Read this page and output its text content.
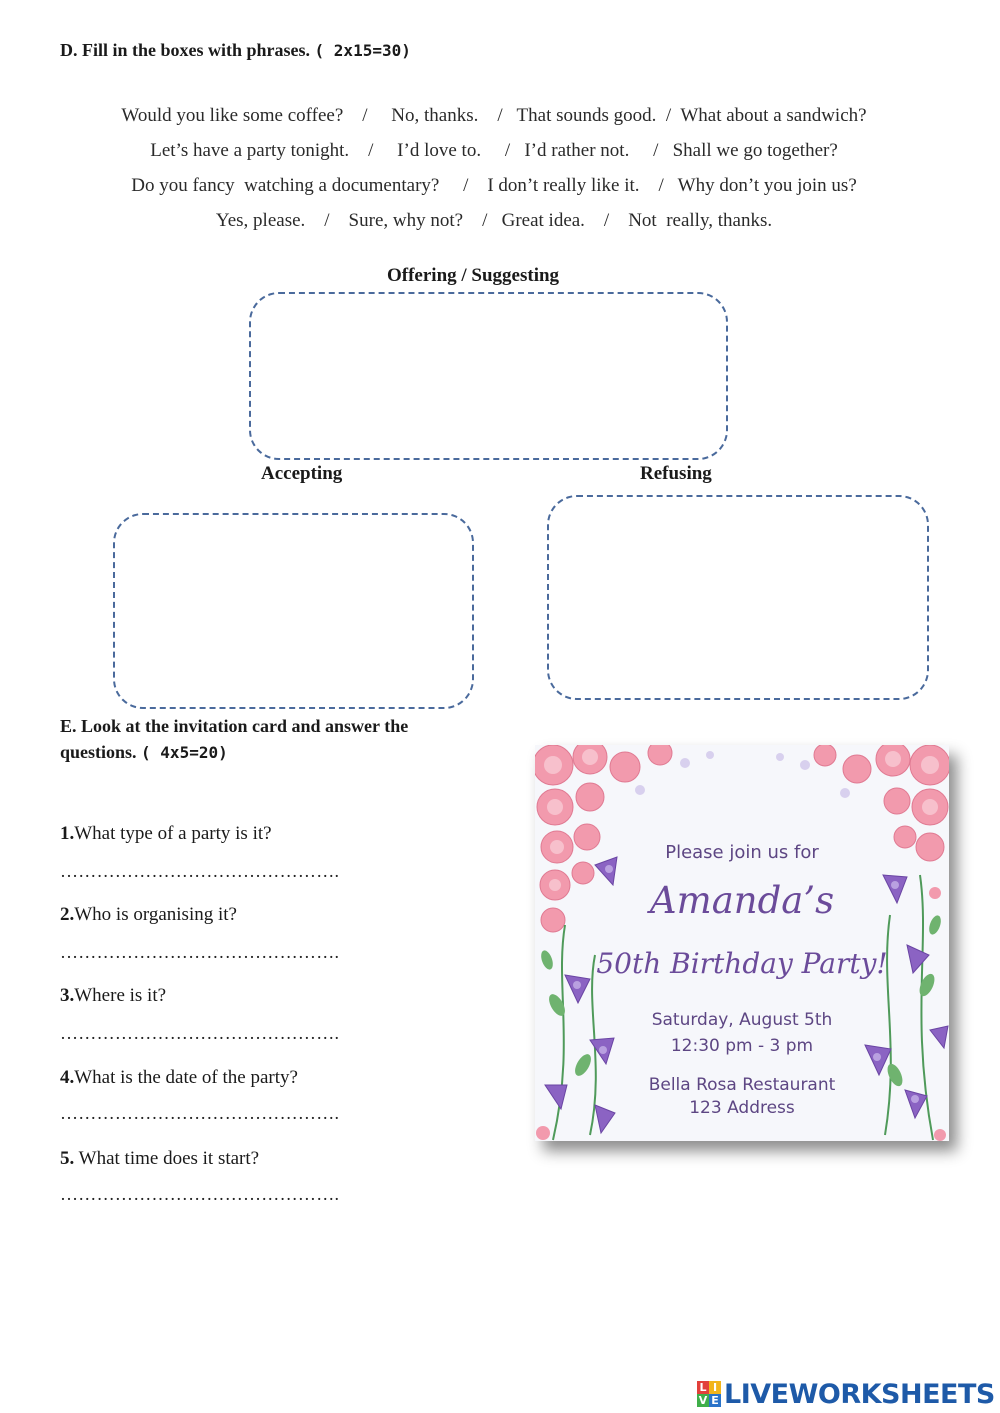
D. Fill in the boxes with phrases. ( 2x15=30)
Would you like some coffee?    /     No, thanks.    /   That sounds good.  /  What about a sandwich?
Let’s have a party tonight.    /     I’d love to.     /   I’d rather not.     /   Shall we go together?
Do you fancy  watching a documentary?     /    I don’t really like it.    /   Why don’t you join us?
Yes, please.    /    Sure, why not?    /   Great idea.    /    Not  really, thanks.
Offering / Suggesting
Accepting	Refusing
E. Look at the invitation card and answer the
questions. ( 4x5=20)
1.What type of a party is it?
……………………………………….
2.Who is organising it?
……………………………………….
3.Where is it?
……………………………………….
4.What is the date of the party?
……………………………………….
5. What time does it start?
……………………………………….
Please join us for
Amanda’s
50th Birthday Party!
Saturday, August 5th
12:30 pm - 3 pm
Bella Rosa Restaurant
123 Address
L I
V E LIVEWORKSHEETS
